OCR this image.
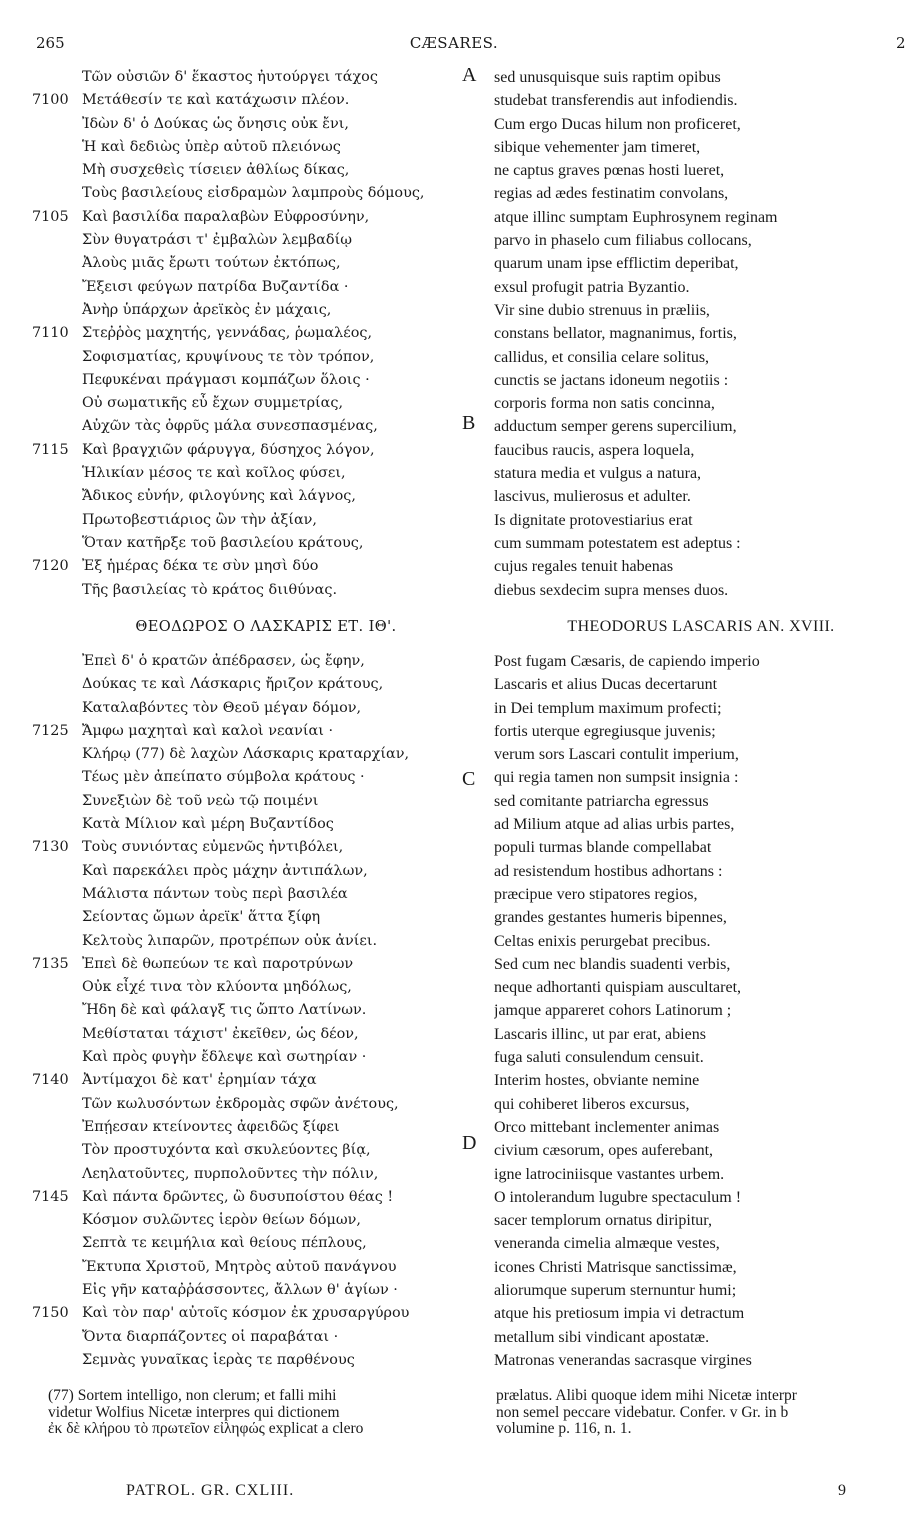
265	CÆSARES.	2
Τῶν οὐσιῶν δ' ἕκαστος ἠυτούργει τάχος
7100 Μετάθεσίν τε καὶ κατάχωσιν πλέον.
Ἰδὼν δ' ὁ Δούκας ὡς ὄνησις οὐκ ἔνι,
Ἡ καὶ δεδιὼς ὑπὲρ αὐτοῦ πλειόνως
Μὴ συσχεθεὶς τίσειεν ἀθλίως δίκας,
Τοὺς βασιλείους εἰσδραμὼν λαμπροὺς δόμους,
7105 Καὶ βασιλίδα παραλαβὼν Εὐφροσύνην,
Σὺν θυγατράσι τ' ἐμβαλὼν λεμβαδίῳ
Ἀλοὺς μιᾶς ἔρωτι τούτων ἐκτόπως,
Ἔξεισι φεύγων πατρίδα Βυζαντίδα ·
Ἀνὴρ ὑπάρχων ἀρεϊκὸς ἐν μάχαις,
7110 Στεῤῥὸς μαχητής, γεννάδας, ῥωμαλέος,
Σοφισματίας, κρυψίνους τε τὸν τρόπον,
Πεφυκέναι πράγμασι κομπάζων ὅλοις ·
Οὐ σωματικῆς εὖ ἔχων συμμετρίας,
Αὐχῶν τὰς ὀφρῦς μάλα συνεσπασμένας,
7115 Καὶ βραγχιῶν φάρυγγα, δύσηχος λόγον,
Ἡλικίαν μέσος τε καὶ κοῖλος φύσει,
Ἄδικος εὐνήν, φιλογύνης καὶ λάγνος,
Πρωτοβεστιάριος ὢν τὴν ἀξίαν,
Ὅταν κατῆρξε τοῦ βασιλείου κράτους,
7120 Ἐξ ἡμέρας δέκα τε σὺν μησὶ δύο
Τῆς βασιλείας τὸ κράτος διιθύνας.
sed unusquisque suis raptim opibus
studebat transferendis aut infodiendis.
Cum ergo Ducas hilum non proficeret,
sibique vehementer jam timeret,
ne captus graves pœnas hosti lueret,
regias ad ædes festinatim convolans,
atque illinc sumptam Euphrosynem reginam
parvo in phaselo cum filiabus collocans,
quarum unam ipse efflictim deperibat,
exsul profugit patria Byzantio.
Vir sine dubio strenuus in præliis,
constans bellator, magnanimus, fortis,
callidus, et consilia celare solitus,
cunctis se jactans idoneum negotiis :
corporis forma non satis concinna,
adductum semper gerens supercilium,
faucibus raucis, aspera loquela,
statura media et vulgus a natura,
lascivus, mulierosus et adulter.
Is dignitate protovestiarius erat
cum summam potestatem est adeptus :
cujus regales tenuit habenas
diebus sexdecim supra menses duos.
A
B
ΘΕΟΔΩΡΟΣ Ο ΛΑΣΚΑΡΙΣ ΕΤ. ΙΘ'.	THEODORUS LASCARIS AN. XVIII.
Ἐπεὶ δ' ὁ κρατῶν ἀπέδρασεν, ὡς ἔφην,
Δούκας τε καὶ Λάσκαρις ἤριζον κράτους,
Καταλαβόντες τὸν Θεοῦ μέγαν δόμον,
7125 Ἄμφω μαχηταὶ καὶ καλοὶ νεανίαι ·
Κλήρῳ (77) δὲ λαχὼν Λάσκαρις κραταρχίαν,
Τέως μὲν ἀπείπατο σύμβολα κράτους ·
Συνεξιὼν δὲ τοῦ νεὼ τῷ ποιμένι
Κατὰ Μίλιον καὶ μέρη Βυζαντίδος
7130 Τοὺς συνιόντας εὐμενῶς ἠντιβόλει,
Καὶ παρεκάλει πρὸς μάχην ἀντιπάλων,
Μάλιστα πάντων τοὺς περὶ βασιλέα
Σείοντας ὤμων ἀρεϊκ' ἅττα ξίφη
Κελτοὺς λιπαρῶν, προτρέπων οὐκ ἀνίει.
7135 Ἐπεὶ δὲ θωπεύων τε καὶ παροτρύνων
Οὐκ εἶχέ τινα τὸν κλύοντα μηδόλως,
Ἤδη δὲ καὶ φάλαγξ τις ὤπτο Λατίνων.
Μεθίσταται τάχιστ' ἐκεῖθεν, ὡς δέον,
Καὶ πρὸς φυγὴν ἔδλεψε καὶ σωτηρίαν ·
7140 Ἀντίμαχοι δὲ κατ' ἐρημίαν τάχα
Τῶν κωλυσόντων ἐκδρομὰς σφῶν ἀνέτους,
Ἐπῄεσαν κτείνοντες ἀφειδῶς ξίφει
Τὸν προστυχόντα καὶ σκυλεύοντες βίᾳ,
Λεηλατοῦντες, πυρπολοῦντες τὴν πόλιν,
7145 Καὶ πάντα δρῶντες, ὢ δυσυποίστου θέας !
Κόσμον συλῶντες ἱερὸν θείων δόμων,
Σεπτὰ τε κειμήλια καὶ θείους πέπλους,
Ἔκτυπα Χριστοῦ, Μητρὸς αὐτοῦ πανάγνου
Εἰς γῆν καταῤῥάσσοντες, ἄλλων θ' ἁγίων ·
7150 Καὶ τὸν παρ' αὐτοῖς κόσμον ἐκ χρυσαργύρου
Ὄντα διαρπάζοντες οἱ παραβάται ·
Σεμνὰς γυναῖκας ἱερὰς τε παρθένους
Post fugam Cæsaris, de capiendo imperio
Lascaris et alius Ducas decertarunt
in Dei templum maximum profecti;
fortis uterque egregiusque juvenis;
verum sors Lascari contulit imperium,
qui regia tamen non sumpsit insignia :
sed comitante patriarcha egressus
ad Milium atque ad alias urbis partes,
populi turmas blande compellabat
ad resistendum hostibus adhortans :
præcipue vero stipatores regios,
grandes gestantes humeris bipennes,
Celtas enixis perurgebat precibus.
Sed cum nec blandis suadenti verbis,
neque adhortanti quispiam auscultaret,
jamque appareret cohors Latinorum ;
Lascaris illinc, ut par erat, abiens
fuga saluti consulendum censuit.
Interim hostes, obviante nemine
qui cohiberet liberos excursus,
Orco mittebant inclementer animas
civium cæsorum, opes auferebant,
igne latrociniisque vastantes urbem.
O intolerandum lugubre spectaculum !
sacer templorum ornatus diripitur,
veneranda cimelia almæque vestes,
icones Christi Matrisque sanctissimæ,
aliorumque superum sternuntur humi;
atque his pretiosum impia vi detractum
metallum sibi vindicant apostatæ.
Matronas venerandas sacrasque virgines
C
D
(77) Sortem intelligo, non clerum; et falli mihi
videtur Wolfius Nicetæ interpres qui dictionem
ἐκ δὲ κλήρου τὸ πρωτεῖον εἰληφώς explicat a clero
prælatus. Alibi quoque idem mihi Nicetæ interpr
non semel peccare videbatur. Confer. v Gr. in b
volumine p. 116, n. 1.
PATROL. GR. CXLIII.	9
